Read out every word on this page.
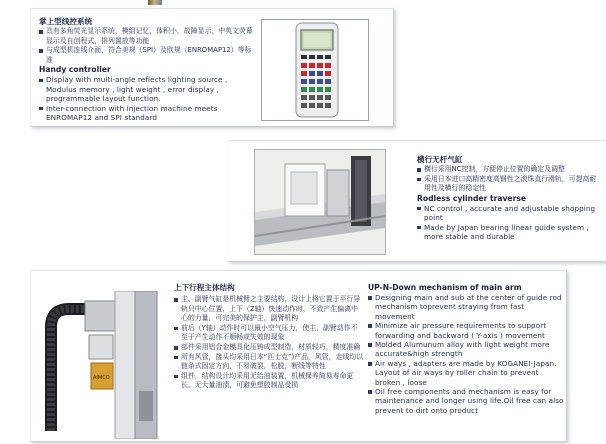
掌上型线控系统
具有多角荧光显示系统，模组记忆，体积小，故障显示，中英文荧幕显示及自创程式，排列置放等功能
与成型机连线介面，符合美规（SPI）及欧规（ENROMAP12）等标准
Handy controller
Display with multi-angle reflects lighting source , Modulus memory , light weight , error display , programmable layout function.
Inter-connection with injection machine meets ENROMAP12 and SPI standard
横行无杆气缸
横行采用NC控制，方便停止位置的确定及调整
采用日本进口高精密度高钢性之滚珠直行滑轨，可提高耐用性及横行的稳定性
Rodless cylinder traverse
NC control , accurate and adjustable shopping point
Made by Japan bearing linear guide system , more stable and durable
AIMCO
上下行程主体结构
主、副臂气缸是机械臂之主要结构，设计上将它置于平行导轨只中心位置，上下（Z轴）快速动作时，不致产生偏离中心的力量，可完美的保护主，副臂机构
前后（Y轴）动作时可以最小空气压力，使主，副臂动作不至于产生动作不顺畅或失效的现象
部件采用铝合金模具化压铸成型制造，材质轻巧，精度准确
所有风管，接头均采用日本“匹士克”)产品，风管，走线均以链条式固定方向，不易破裂，松脱，断线等特性
组件，结构设计均采用无给油装置，机械保养简易寿命更长，无大量油渍，可避免塑胶制品受损
UP-N-Down mechanism of main arm
Designing main and sub at the center of guide rod mechanism toprevent straying from fast movement
Minimize air pressure requirements to support forwarding and backward ( Y-axis ) movement
Molded Alumunum alloy with light weight more accurate&high strength
Air ways , adapters are made by KOGANEI-Japan. Layout of air ways by roller chain to prevent broken , loose
Oil free components and mechanism is easy for maintenance and longer using life.Oil free can also prevent to dirt onto product
